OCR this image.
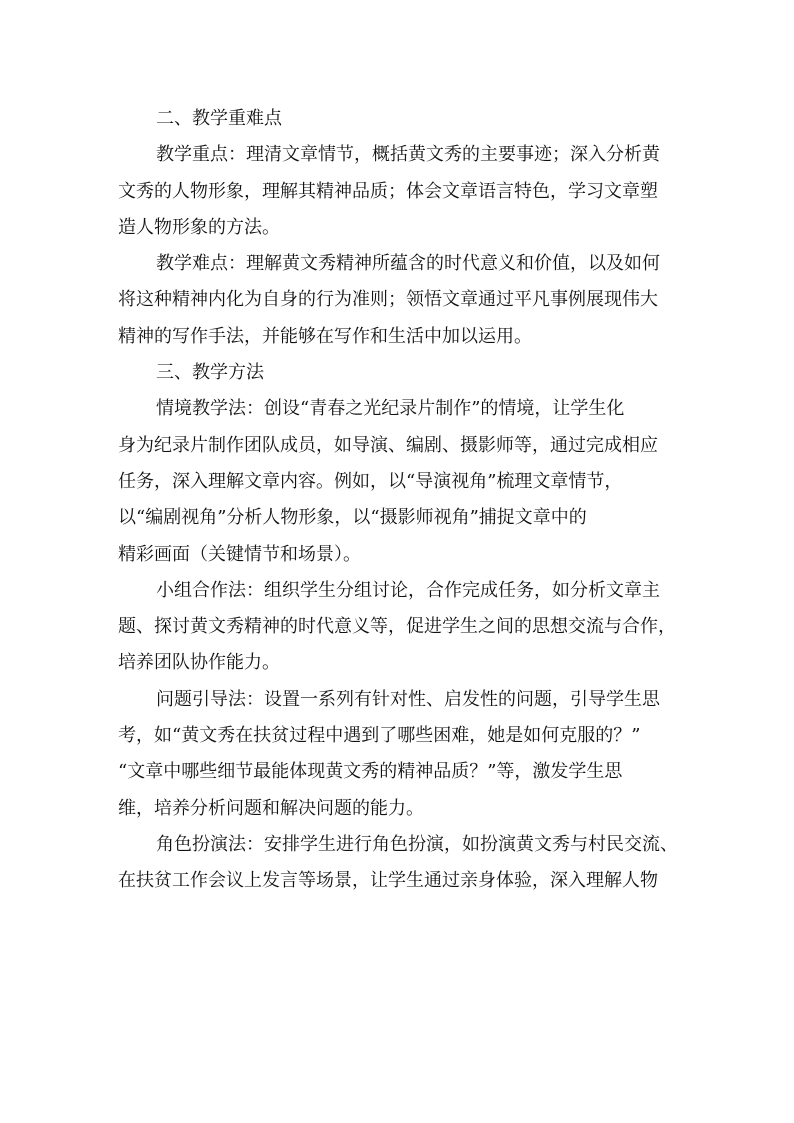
二、教学重难点
教学重点：理清文章情节，概括黄文秀的主要事迹；深入分析黄
文秀的人物形象，理解其精神品质；体会文章语言特色，学习文章塑
造人物形象的方法。
教学难点：理解黄文秀精神所蕴含的时代意义和价值，以及如何
将这种精神内化为自身的行为准则；领悟文章通过平凡事例展现伟大
精神的写作手法，并能够在写作和生活中加以运用。
三、教学方法
情境教学法：创设“青春之光纪录片制作”的情境，让学生化
身为纪录片制作团队成员，如导演、编剧、摄影师等，通过完成相应
任务，深入理解文章内容。例如，以“导演视角”梳理文章情节，
以“编剧视角”分析人物形象，以“摄影师视角”捕捉文章中的
精彩画面（关键情节和场景）。
小组合作法：组织学生分组讨论，合作完成任务，如分析文章主
题、探讨黄文秀精神的时代意义等，促进学生之间的思想交流与合作，
培养团队协作能力。
问题引导法：设置一系列有针对性、启发性的问题，引导学生思
考，如“黄文秀在扶贫过程中遇到了哪些困难，她是如何克服的？”
“文章中哪些细节最能体现黄文秀的精神品质？”等，激发学生思
维，培养分析问题和解决问题的能力。
角色扮演法：安排学生进行角色扮演，如扮演黄文秀与村民交流、
在扶贫工作会议上发言等场景，让学生通过亲身体验，深入理解人物
